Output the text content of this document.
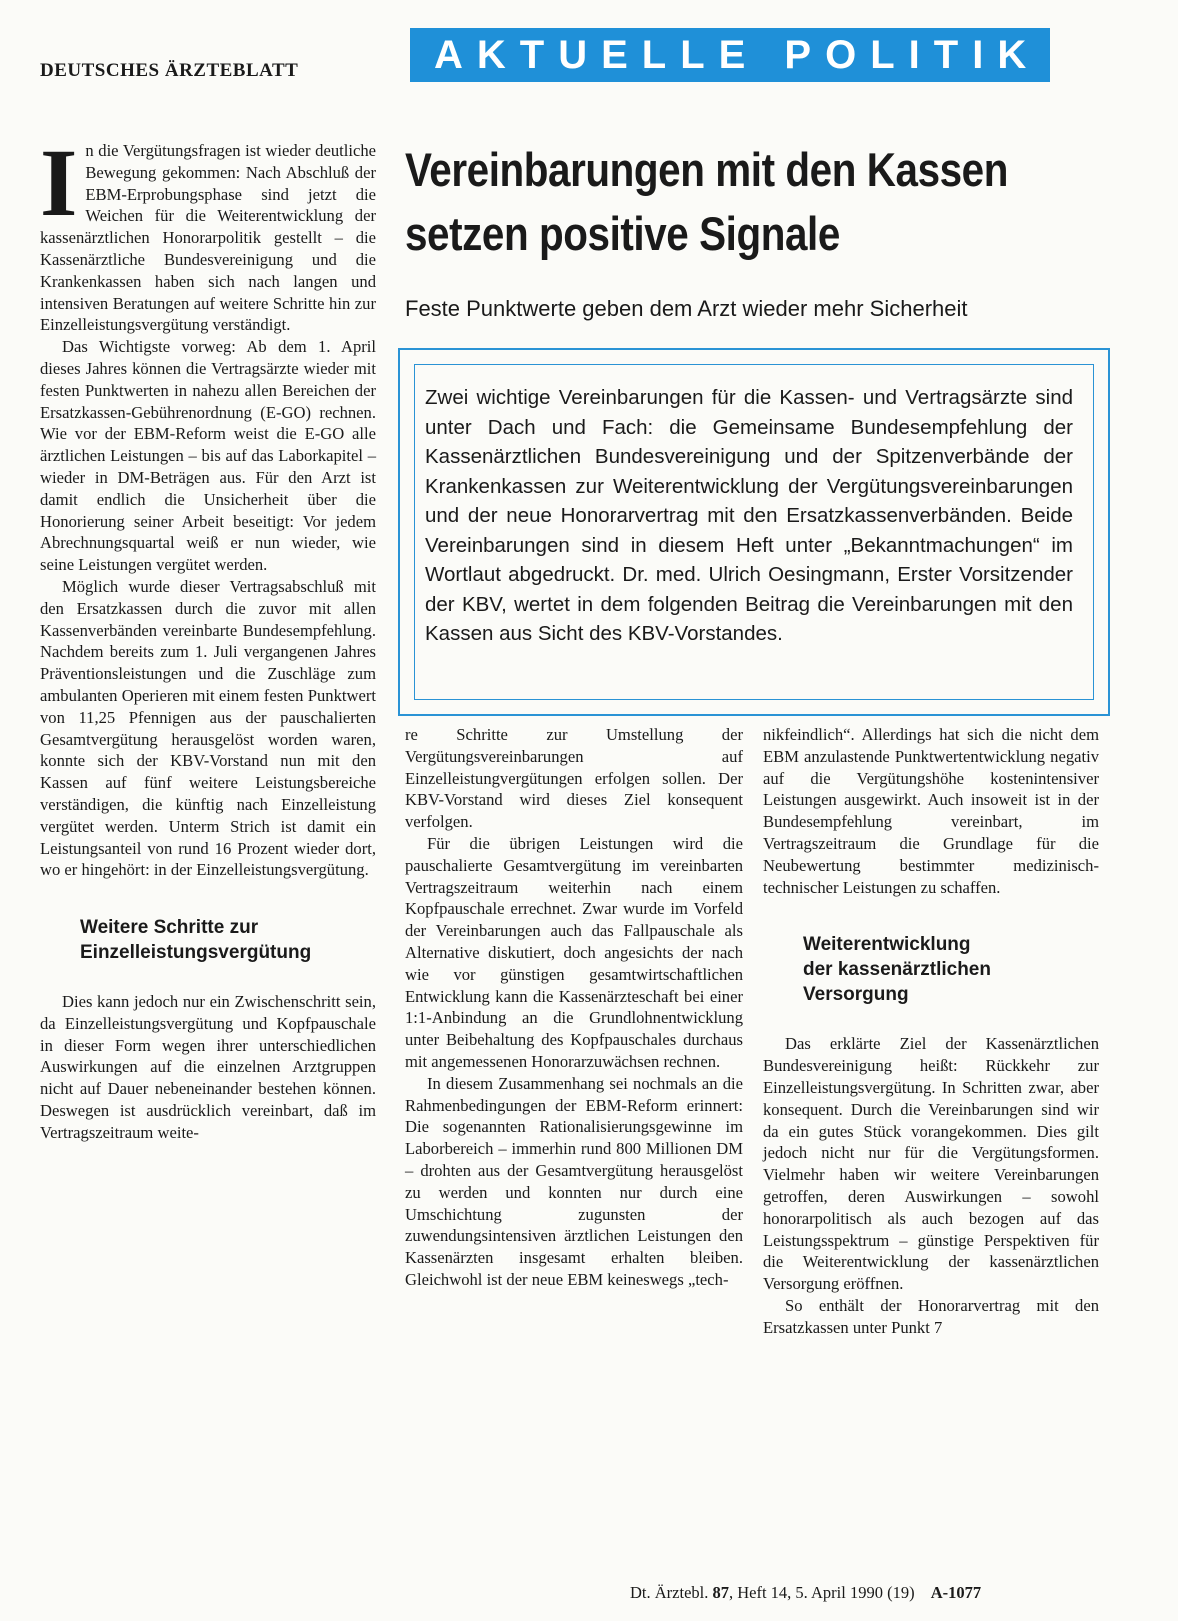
DEUTSCHES ÄRZTEBLATT	AKTUELLE POLITIK
Vereinbarungen mit den Kassen
setzen positive Signale
Feste Punktwerte geben dem Arzt wieder mehr Sicherheit

Zwei wichtige Vereinbarungen für die Kassen- und Vertragsärzte sind unter Dach und Fach: die Gemeinsame Bundesempfehlung der Kassenärztlichen Bundesvereinigung und der Spitzenverbände der Krankenkassen zur Weiterentwicklung der Vergütungsvereinbarungen und der neue Honorarvertrag mit den Ersatzkassenverbänden. Beide Vereinbarungen sind in diesem Heft unter „Bekanntmachungen“ im Wortlaut abgedruckt. Dr. med. Ulrich Oesingmann, Erster Vorsitzender der KBV, wertet in dem folgenden Beitrag die Vereinbarungen mit den Kassen aus Sicht des KBV-Vorstandes.

In die Vergütungsfragen ist wieder deutliche Bewegung gekommen: Nach Abschluß der EBM-Erprobungsphase sind jetzt die Weichen für die Weiterentwicklung der kassenärztlichen Honorarpolitik gestellt – die Kassenärztliche Bundesvereinigung und die Krankenkassen haben sich nach langen und intensiven Beratungen auf weitere Schritte hin zur Einzelleistungsvergütung verständigt.

Das Wichtigste vorweg: Ab dem 1. April dieses Jahres können die Vertragsärzte wieder mit festen Punktwerten in nahezu allen Bereichen der Ersatzkassen-Gebührenordnung (E-GO) rechnen. Wie vor der EBM-Reform weist die E-GO alle ärztlichen Leistungen – bis auf das Laborkapitel – wieder in DM-Beträgen aus. Für den Arzt ist damit endlich die Unsicherheit über die Honorierung seiner Arbeit beseitigt: Vor jedem Abrechnungsquartal weiß er nun wieder, wie seine Leistungen vergütet werden.

Möglich wurde dieser Vertragsabschluß mit den Ersatzkassen durch die zuvor mit allen Kassenverbänden vereinbarte Bundesempfehlung. Nachdem bereits zum 1. Juli vergangenen Jahres Präventionsleistungen und die Zuschläge zum ambulanten Operieren mit einem festen Punktwert von 11,25 Pfennigen aus der pauschalierten Gesamtvergütung herausgelöst worden waren, konnte sich der KBV-Vorstand nun mit den Kassen auf fünf weitere Leistungsbereiche verständigen, die künftig nach Einzelleistung vergütet werden. Unterm Strich ist damit ein Leistungsanteil von rund 16 Prozent wieder dort, wo er hingehört: in der Einzelleistungsvergütung.

Weitere Schritte zur
Einzelleistungsvergütung

Dies kann jedoch nur ein Zwischenschritt sein, da Einzelleistungsvergütung und Kopfpauschale in dieser Form wegen ihrer unterschiedlichen Auswirkungen auf die einzelnen Arztgruppen nicht auf Dauer nebeneinander bestehen können. Deswegen ist ausdrücklich vereinbart, daß im Vertragszeitraum weite-

re Schritte zur Umstellung der Vergütungsvereinbarungen auf Einzelleistungvergütungen erfolgen sollen. Der KBV-Vorstand wird dieses Ziel konsequent verfolgen.

Für die übrigen Leistungen wird die pauschalierte Gesamtvergütung im vereinbarten Vertragszeitraum weiterhin nach einem Kopfpauschale errechnet. Zwar wurde im Vorfeld der Vereinbarungen auch das Fallpauschale als Alternative diskutiert, doch angesichts der nach wie vor günstigen gesamtwirtschaftlichen Entwicklung kann die Kassenärzteschaft bei einer 1:1-Anbindung an die Grundlohnentwicklung unter Beibehaltung des Kopfpauschales durchaus mit angemessenen Honorarzuwächsen rechnen.

In diesem Zusammenhang sei nochmals an die Rahmenbedingungen der EBM-Reform erinnert: Die sogenannten Rationalisierungsgewinne im Laborbereich – immerhin rund 800 Millionen DM – drohten aus der Gesamtvergütung herausgelöst zu werden und konnten nur durch eine Umschichtung zugunsten der zuwendungsintensiven ärztlichen Leistungen den Kassenärzten insgesamt erhalten bleiben. Gleichwohl ist der neue EBM keineswegs „tech-

nikfeindlich“. Allerdings hat sich die nicht dem EBM anzulastende Punktwertentwicklung negativ auf die Vergütungshöhe kostenintensiver Leistungen ausgewirkt. Auch insoweit ist in der Bundesempfehlung vereinbart, im Vertragszeitraum die Grundlage für die Neubewertung bestimmter medizinisch-technischer Leistungen zu schaffen.

Weiterentwicklung
der kassenärztlichen
Versorgung

Das erklärte Ziel der Kassenärztlichen Bundesvereinigung heißt: Rückkehr zur Einzelleistungsvergütung. In Schritten zwar, aber konsequent. Durch die Vereinbarungen sind wir da ein gutes Stück vorangekommen. Dies gilt jedoch nicht nur für die Vergütungsformen. Vielmehr haben wir weitere Vereinbarungen getroffen, deren Auswirkungen – sowohl honorarpolitisch als auch bezogen auf das Leistungsspektrum – günstige Perspektiven für die Weiterentwicklung der kassenärztlichen Versorgung eröffnen.

So enthält der Honorarvertrag mit den Ersatzkassen unter Punkt 7

Dt. Ärztebl. 87, Heft 14, 5. April 1990 (19) A-1077
